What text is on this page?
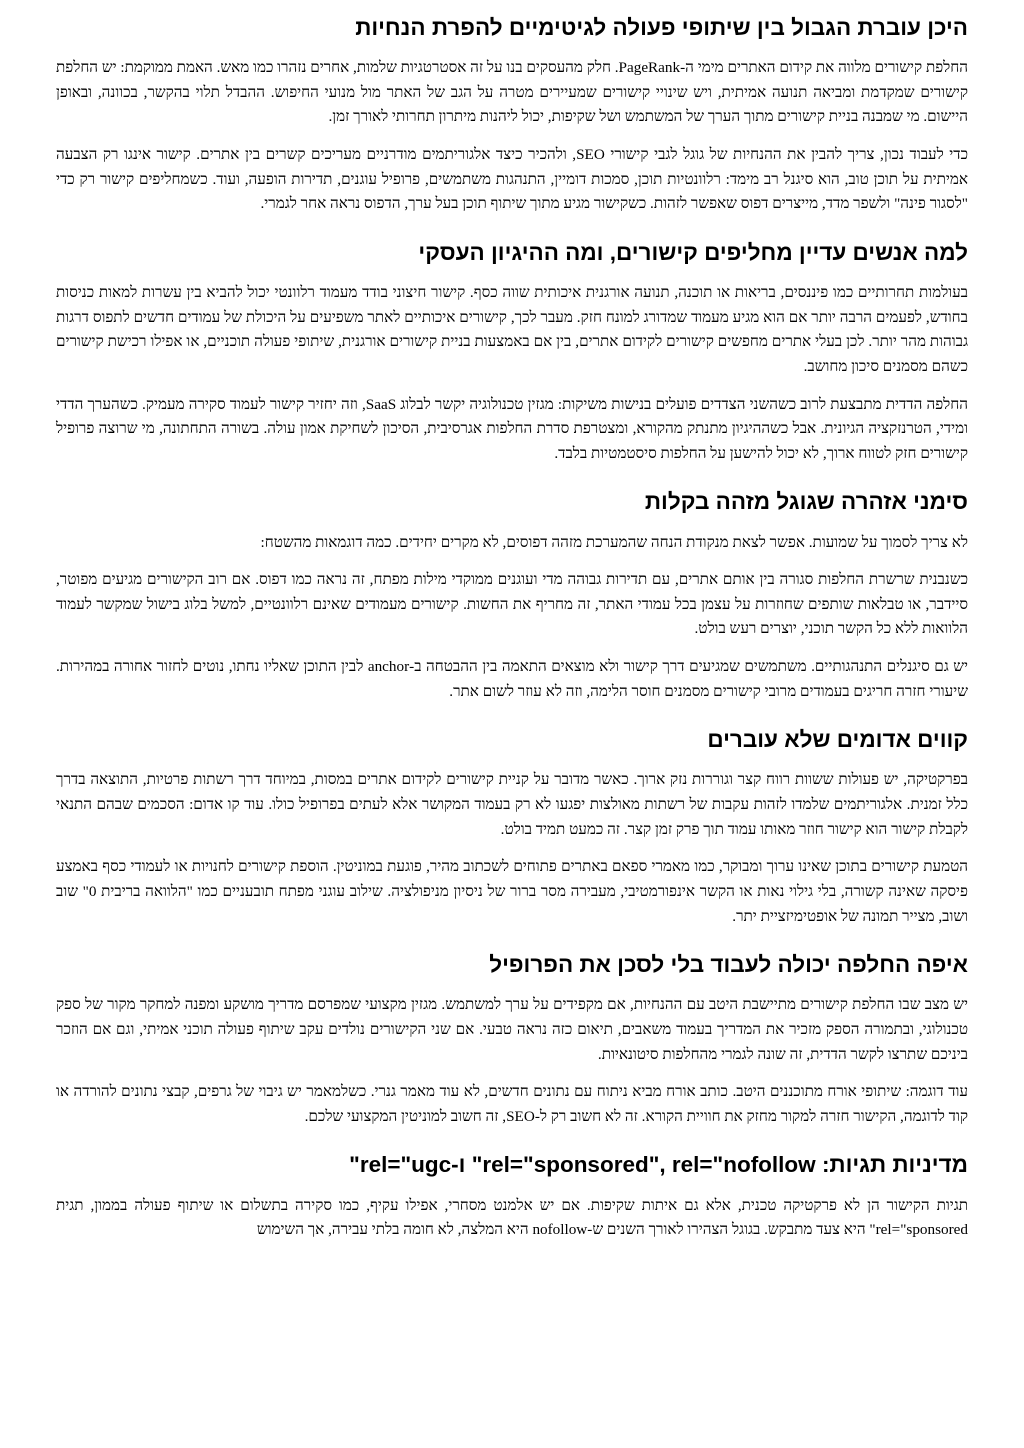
היכן עוברת הגבול בין שיתופי פעולה לגיטימיים להפרת הנחיות

החלפת קישורים מלווה את קידום האתרים מימי ה-PageRank. חלק מהעסקים בנו על זה אסטרטגיות שלמות, אחרים נזהרו כמו מאש. האמת ממוקמת: יש החלפת קישורים שמקדמת ומביאה תנועה אמיתית, ויש שינויי קישורים שמעיירים מטרה על הגב של האתר מול מנועי החיפוש. ההבדל תלוי בהקשר, בכוונה, ובאופן היישום. מי שמבנה בניית קישורים מתוך הערך של המשתמש ושל שקיפות, יכול ליהנות מיתרון תחרותי לאורך זמן.

כדי לעבוד נכון, צריך להבין את ההנחיות של גוגל לגבי קישורי SEO, ולהכיר כיצד אלגוריתמים מודרניים מעריכים קשרים בין אתרים. קישור אינגו רק הצבעה אמיתית על תוכן טוב, הוא סיגנל רב מימד: רלוונטיות תוכן, סמכות דומיין, התנהגות משתמשים, פרופיל עוגנים, תדירות הופעה, ועוד. כשמחליפים קישור רק כדי "לסגור פינה" ולשפר מדד, מייצרים דפוס שאפשר לזהות. כשקישור מגיע מתוך שיתוף תוכן בעל ערך, הדפוס נראה אחר לגמרי.

למה אנשים עדיין מחליפים קישורים, ומה ההיגיון העסקי

בעולמות תחרותיים כמו פיננסים, בריאות או תוכנה, תנועה אורגנית איכותית שווה כסף. קישור חיצוני בודד מעמוד רלוונטי יכול להביא בין עשרות למאות כניסות בחודש, לפעמים הרבה יותר אם הוא מגיע מעמוד שמדורג למונח חזק. מעבר לכך, קישורים איכותיים לאתר משפיעים על היכולת של עמודים חדשים לתפוס דרגות גבוהות מהר יותר. לכן בעלי אתרים מחפשים קישורים לקידום אתרים, בין אם באמצעות בניית קישורים אורגנית, שיתופי פעולה תוכניים, או אפילו רכישת קישורים כשהם מסמנים סיכון מחושב.

החלפה הדדית מתבצעת לרוב כשהשני הצדדים פועלים בנישות משיקות: מגזין טכנולוגיה יקשר לבלוג SaaS, וזה יחזיר קישור לעמוד סקירה מעמיק. כשהערך הדדי ומידי, הטרנזקציה הגיונית. אבל כשההיגיון מתנתק מהקורא, ומצטרפת סדרת החלפות אגרסיבית, הסיכון לשחיקת אמון עולה. בשורה התחתונה, מי שרוצה פרופיל קישורים חזק לטווח ארוך, לא יכול להישען על החלפות סיסטמטיות בלבד.

סימני אזהרה שגוגל מזהה בקלות

לא צריך לסמוך על שמועות. אפשר לצאת מנקודת הנחה שהמערכת מזהה דפוסים, לא מקרים יחידים. כמה דוגמאות מהשטח:

כשנבנית שרשרת החלפות סגורה בין אותם אתרים, עם תדירות גבוהה מדי ועוגנים ממוקדי מילות מפתח, זה נראה כמו דפוס. אם רוב הקישורים מגיעים מפוטר, סיידבר, או טבלאות שותפים שחוזרות על עצמן בכל עמודי האתר, זה מחריף את החשות. קישורים מעמודים שאינם רלוונטיים, למשל בלוג בישול שמקשר לעמוד הלוואות ללא כל הקשר תוכני, יוצרים רעש בולט.

יש גם סיגנלים התנהגותיים. משתמשים שמגיעים דרך קישור ולא מוצאים התאמה בין ההבטחה ב-anchor לבין התוכן שאליו נחתו, נוטים לחזור אחורה במהירות. שיעורי חזרה חריגים בעמודים מרובי קישורים מסמנים חוסר הלימה, וזה לא עוזר לשום אתר.

קווים אדומים שלא עוברים

בפרקטיקה, יש פעולות ששוות רווח קצר וגוררות נזק ארוך. כאשר מדובר על קניית קישורים לקידום אתרים במסות, במיוחד דרך רשתות פרטיות, התוצאה בדרך כלל זמנית. אלגוריתמים שלמדו לזהות עקבות של רשתות מאולצות יפגעו לא רק בעמוד המקושר אלא לעתים בפרופיל כולו. עוד קו אדום: הסכמים שבהם התנאי לקבלת קישור הוא קישור חוזר מאותו עמוד תוך פרק זמן קצר. זה כמעט תמיד בולט.

הטמעת קישורים בתוכן שאינו ערוך ומבוקר, כמו מאמרי ספאם באתרים פתוחים לשכתוב מהיר, פוגעת במוניטין. הוספת קישורים לחנויות או לעמודי כסף באמצע פיסקה שאינה קשורה, בלי גילוי נאות או הקשר אינפורמטיבי, מעבירה מסר ברור של ניסיון מניפולציה. שילוב עוגני מפתח תובעניים כמו "הלוואה בריבית 0" שוב ושוב, מצייר תמונה של אופטימיזציית יתר.

איפה החלפה יכולה לעבוד בלי לסכן את הפרופיל

יש מצב שבו החלפת קישורים מתיישבת היטב עם ההנחיות, אם מקפידים על ערך למשתמש. מגזין מקצועי שמפרסם מדריך מושקע ומפנה למחקר מקור של ספק טכנולוגי, ובתמורה הספק מזכיר את המדריך בעמוד משאבים, תיאום כזה נראה טבעי. אם שני הקישורים נולדים עקב שיתוף פעולה תוכני אמיתי, וגם אם הוזכר ביניכם שתרצו לקשר הדדית, זה שונה לגמרי מהחלפות סיטונאיות.

עוד דוגמה: שיתופי אורח מתוכננים היטב. כותב אורח מביא ניתוח עם נתונים חדשים, לא עוד מאמר גנרי. כשלמאמר יש גיבוי של גרפים, קבצי נתונים להורדה או קוד לדוגמה, הקישור חזרה למקור מחזק את חוויית הקורא. זה לא חשוב רק ל-SEO, זה חשוב למוניטין המקצועי שלכם.

מדיניות תגיות: rel="sponsored", rel="nofollow" ו-rel="ugc"

תגיות הקישור הן לא פרקטיקה טכנית, אלא גם איתות שקיפות. אם יש אלמנט מסחרי, אפילו עקיף, כמו סקירה בתשלום או שיתוף פעולה בממון, תגית rel="sponsored" היא צעד מתבקש. בגוגל הצהירו לאורך השנים ש-nofollow היא המלצה, לא חומה בלתי עבירה, אך השימוש
